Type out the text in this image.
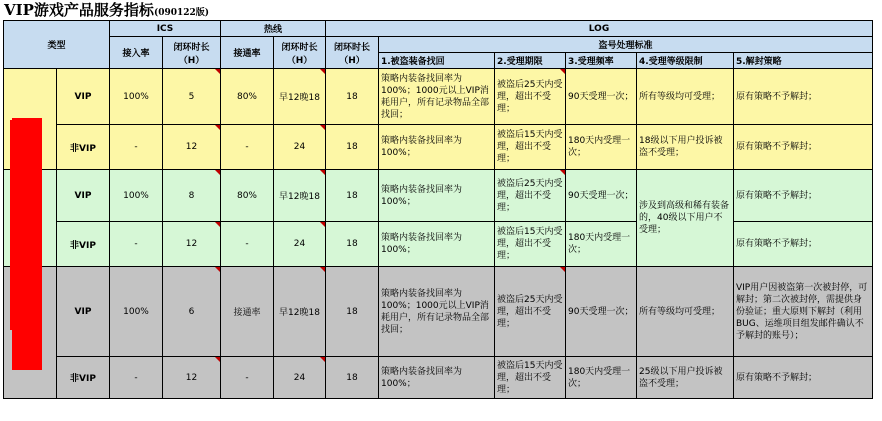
VIP游戏产品服务指标(090122版)
类型		ICS		热线		LOG					
		接入率	闭环时长（H）	接通率	闭环时长（H）	闭环时长（H）	盗号处理标准				
							1.被盗装备找回	2.受理期限	3.受理频率	4.受理等级限制	5.解封策略
	VIP	100%	5	80%	早12晚18	18	策略内装备找回率为100%；1000元以上VIP消耗用户，所有记录物品全部找回；	被盗后25天内受理，超出不受理；	90天受理一次；	所有等级均可受理；	原有策略不予解封；
	非VIP	-	12	-	24	18	策略内装备找回率为100%；	被盗后15天内受理，超出不受理；	180天内受理一次；	18级以下用户投诉被盗不受理；	原有策略不予解封；
	VIP	100%	8	80%	早12晚18	18	策略内装备找回率为100%；	被盗后25天内受理，超出不受理；	90天受理一次；	涉及到高级和稀有装备的，40级以下用户不受理；	原有策略不予解封；
	非VIP	-	12	-	24	18	策略内装备找回率为100%；	被盗后15天内受理，超出不受理；	180天内受理一次；		原有策略不予解封；
	VIP	100%	6	接通率	早12晚18	18	策略内装备找回率为100%；1000元以上VIP消耗用户，所有记录物品全部找回；	被盗后25天内受理，超出不受理；	90天受理一次；	所有等级均可受理；	VIP用户因被盗第一次被封停，可解封；第二次被封停，需提供身份验证；重大原则下解封（利用BUG、运维项目组发邮件确认不予解封的账号）；
	非VIP	-	12	-	24	18	策略内装备找回率为100%；	被盗后15天内受理，超出不受理；	180天内受理一次；	25级以下用户投诉被盗不受理；	原有策略不予解封；
